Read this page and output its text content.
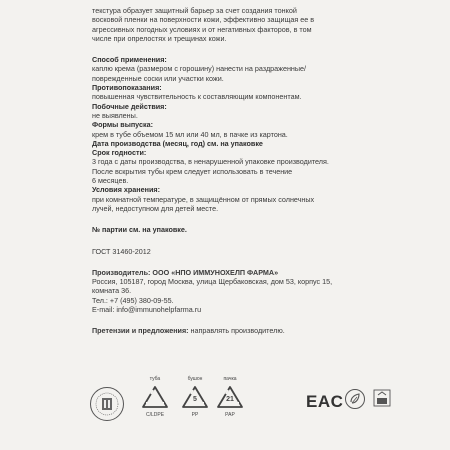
текстура образует защитный барьер за счет создания тонкой

восковой пленки на поверхности кожи, эффективно защищая ее в

агрессивных погодных условиях и от негативных факторов, в том

числе при опрелостях и трещинах кожи.

Способ применения:

каплю крема (размером с горошину) нанести на раздраженные/

поврежденные соски или участки кожи.

Противопоказания:

повышенная чувствительность к составляющим компонентам.

Побочные действия:

не выявлены.

Формы выпуска:

крем в тубе объемом 15 мл или 40 мл, в пачке из картона.

Дата производства (месяц, год) см. на упаковке

Срок годности:

3 года с даты производства, в ненарушенной упаковке производителя.

После вскрытия тубы крем следует использовать в течение

6 месяцев.

Условия хранения:

при комнатной температуре, в защищённом от прямых солнечных

лучей, недоступном для детей месте.

№ партии см. на упаковке.

ГОСТ 31460-2012

Производитель: ООО «НПО ИММУНОХЕЛП ФАРМА»

Россия, 105187, город Москва, улица Щербаковская, дом 53, корпус 15,

комната 36.

Тел.: +7 (495) 380-09-55.

E-mail: info@immunohelpfarma.ru

Претензии и предложения: направлять производителю.

туба
C/LDPE
бушон
5
PP
пачка
21
PAP
EAC
